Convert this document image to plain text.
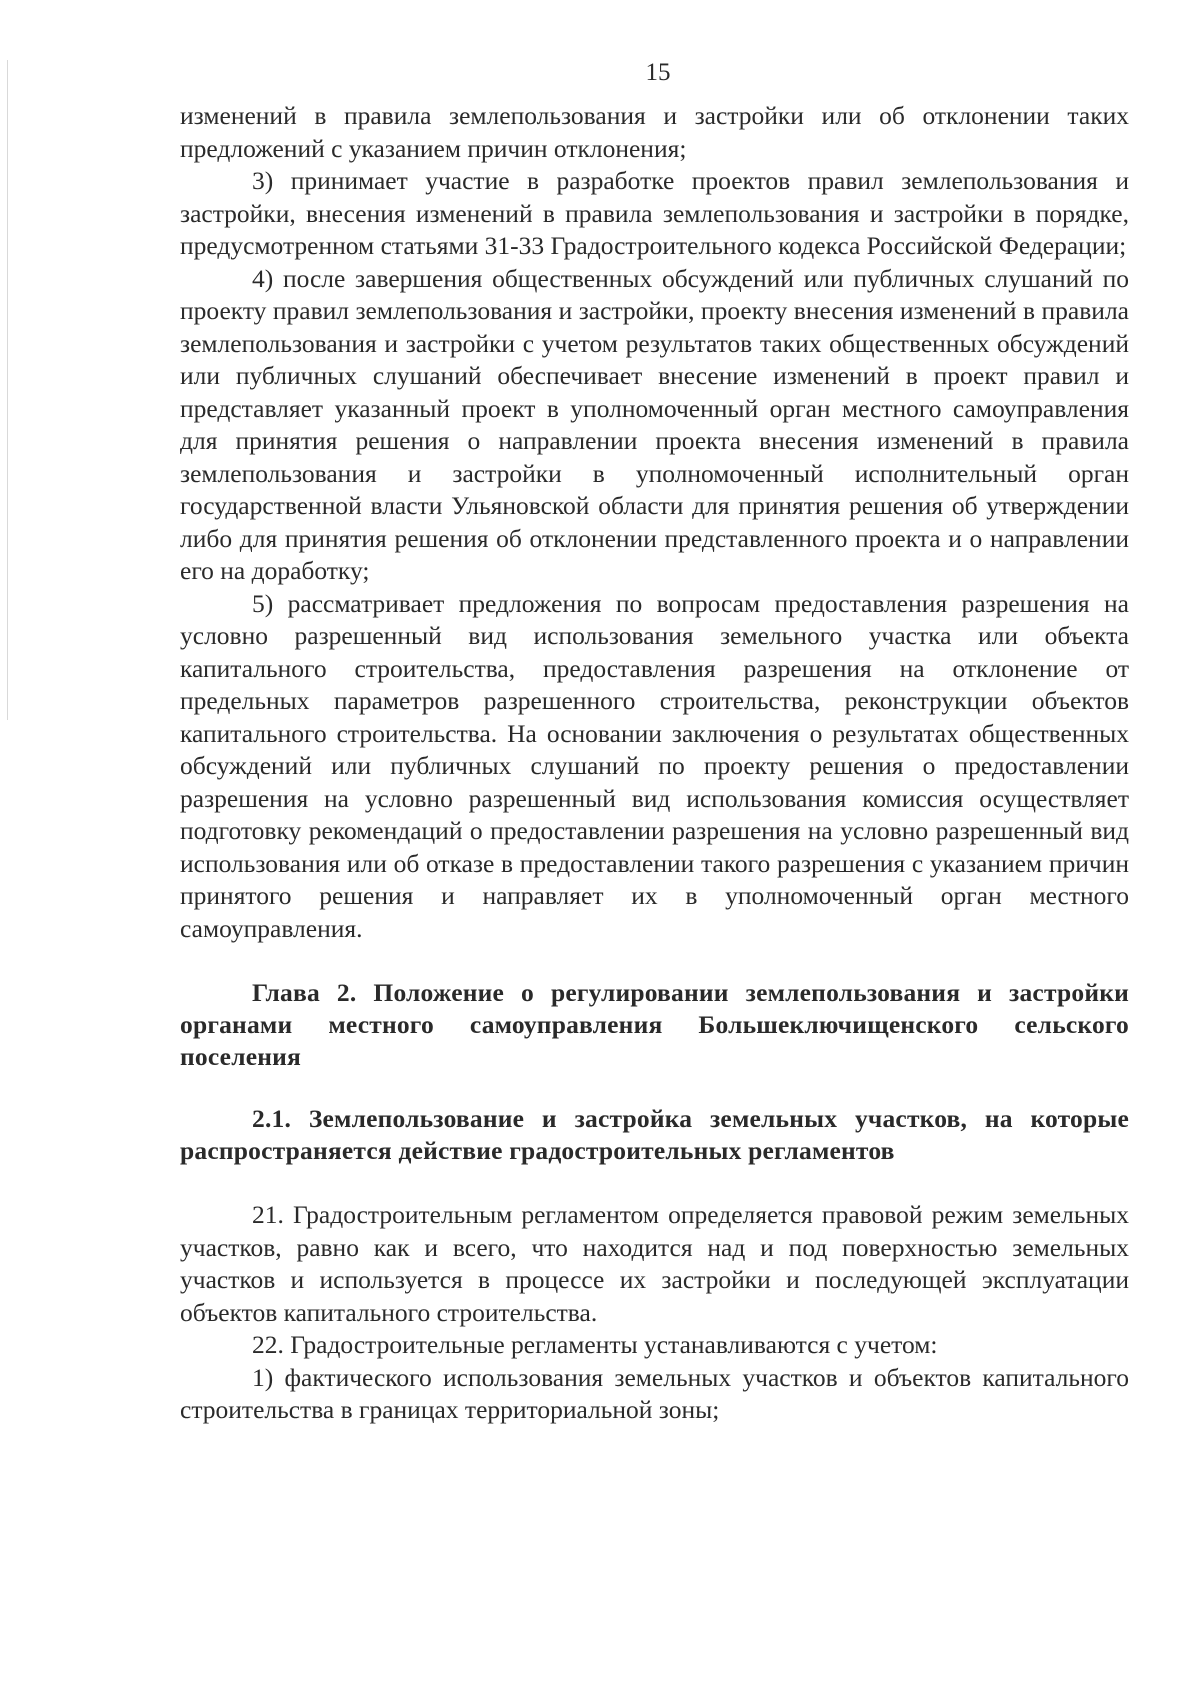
15

изменений в правила землепользования и застройки или об отклонении таких предложений с указанием причин отклонения;

3) принимает участие в разработке проектов правил землепользования и застройки, внесения изменений в правила землепользования и застройки в порядке, предусмотренном статьями 31-33 Градостроительного кодекса Российской Федерации;

4) после завершения общественных обсуждений или публичных слушаний по проекту правил землепользования и застройки, проекту внесения изменений в правила землепользования и застройки с учетом результатов таких общественных обсуждений или публичных слушаний обеспечивает внесение изменений в проект правил и представляет указанный проект в уполномоченный орган местного самоуправления для принятия решения о направлении проекта внесения изменений в правила землепользования и застройки в уполномоченный исполнительный орган государственной власти Ульяновской области для принятия решения об утверждении либо для принятия решения об отклонении представленного проекта и о направлении его на доработку;

5) рассматривает предложения по вопросам предоставления разрешения на условно разрешенный вид использования земельного участка или объекта капитального строительства, предоставления разрешения на отклонение от предельных параметров разрешенного строительства, реконструкции объектов капитального строительства. На основании заключения о результатах общественных обсуждений или публичных слушаний по проекту решения о предоставлении разрешения на условно разрешенный вид использования комиссия осуществляет подготовку рекомендаций о предоставлении разрешения на условно разрешенный вид использования или об отказе в предоставлении такого разрешения с указанием причин принятого решения и направляет их в уполномоченный орган местного самоуправления.

Глава 2. Положение о регулировании землепользования и застройки органами местного самоуправления Большеключищенского сельского поселения
2.1. Землепользование и застройка земельных участков, на которые распространяется действие градостроительных регламентов

21. Градостроительным регламентом определяется правовой режим земельных участков, равно как и всего, что находится над и под поверхностью земельных участков и используется в процессе их застройки и последующей эксплуатации объектов капитального строительства.

22. Градостроительные регламенты устанавливаются с учетом:

1) фактического использования земельных участков и объектов капитального строительства в границах территориальной зоны;
